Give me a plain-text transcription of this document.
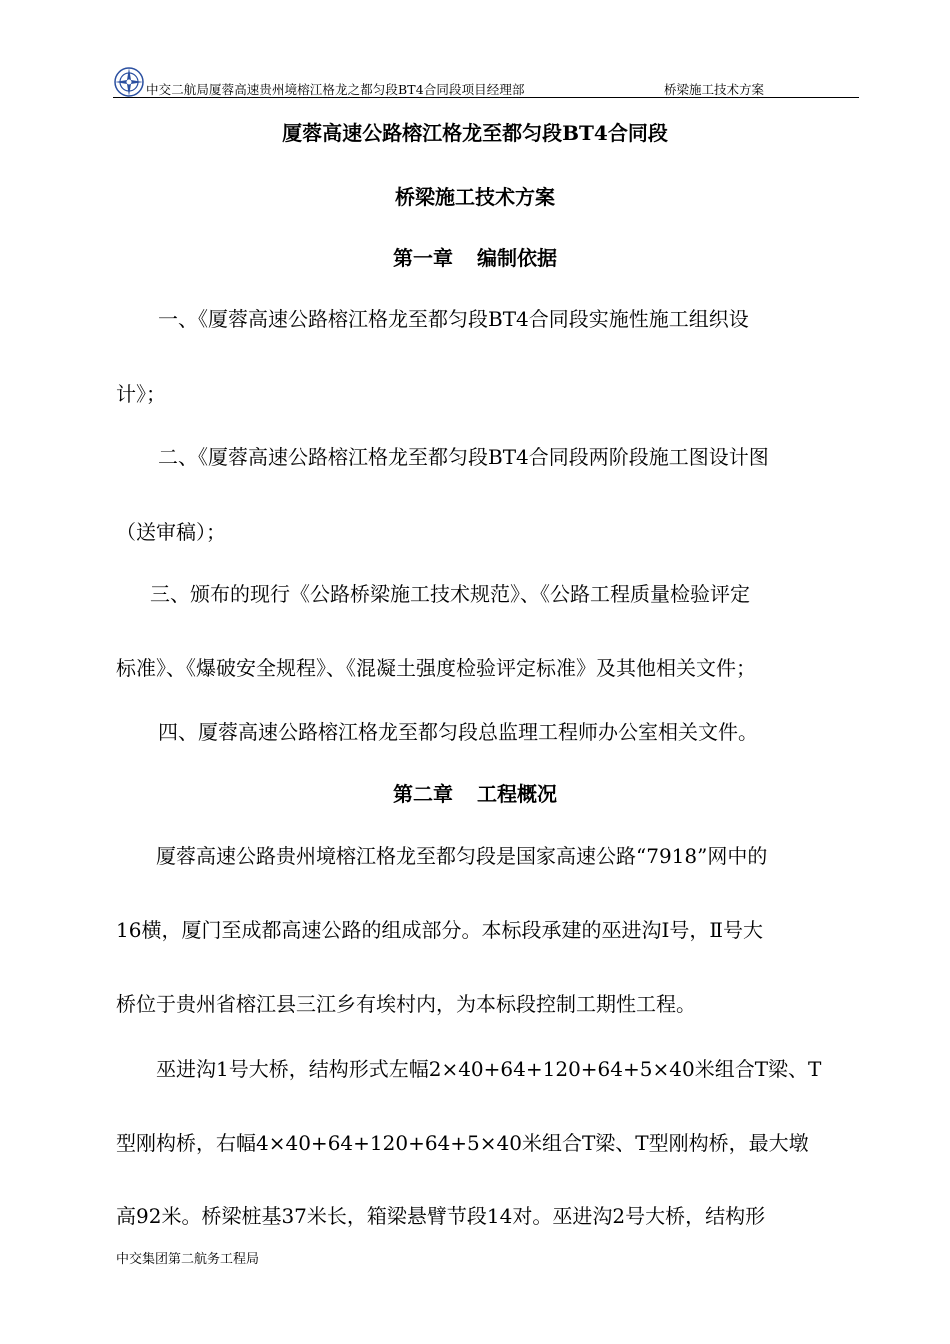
中交二航局厦蓉高速贵州境榕江格龙之都匀段BT4合同段项目经理部	桥梁施工技术方案
厦蓉高速公路榕江格龙至都匀段BT4合同段
桥梁施工技术方案
第一章 编制依据
一、《厦蓉高速公路榕江格龙至都匀段BT4合同段实施性施工组织设
计》；
二、《厦蓉高速公路榕江格龙至都匀段BT4合同段两阶段施工图设计图
（送审稿）；
三、颁布的现行《公路桥梁施工技术规范》、《公路工程质量检验评定
标准》、《爆破安全规程》、《混凝土强度检验评定标准》及其他相关文件；
四、厦蓉高速公路榕江格龙至都匀段总监理工程师办公室相关文件。
第二章 工程概况
厦蓉高速公路贵州境榕江格龙至都匀段是国家高速公路“7918”网中的
16横，厦门至成都高速公路的组成部分。本标段承建的巫进沟Ⅰ号，Ⅱ号大
桥位于贵州省榕江县三江乡有埃村内，为本标段控制工期性工程。
巫进沟1号大桥，结构形式左幅2×40+64+120+64+5×40米组合T梁、T
型刚构桥，右幅4×40+64+120+64+5×40米组合T梁、T型刚构桥，最大墩
高92米。桥梁桩基37米长，箱梁悬臂节段14对。巫进沟2号大桥，结构形
中交集团第二航务工程局
